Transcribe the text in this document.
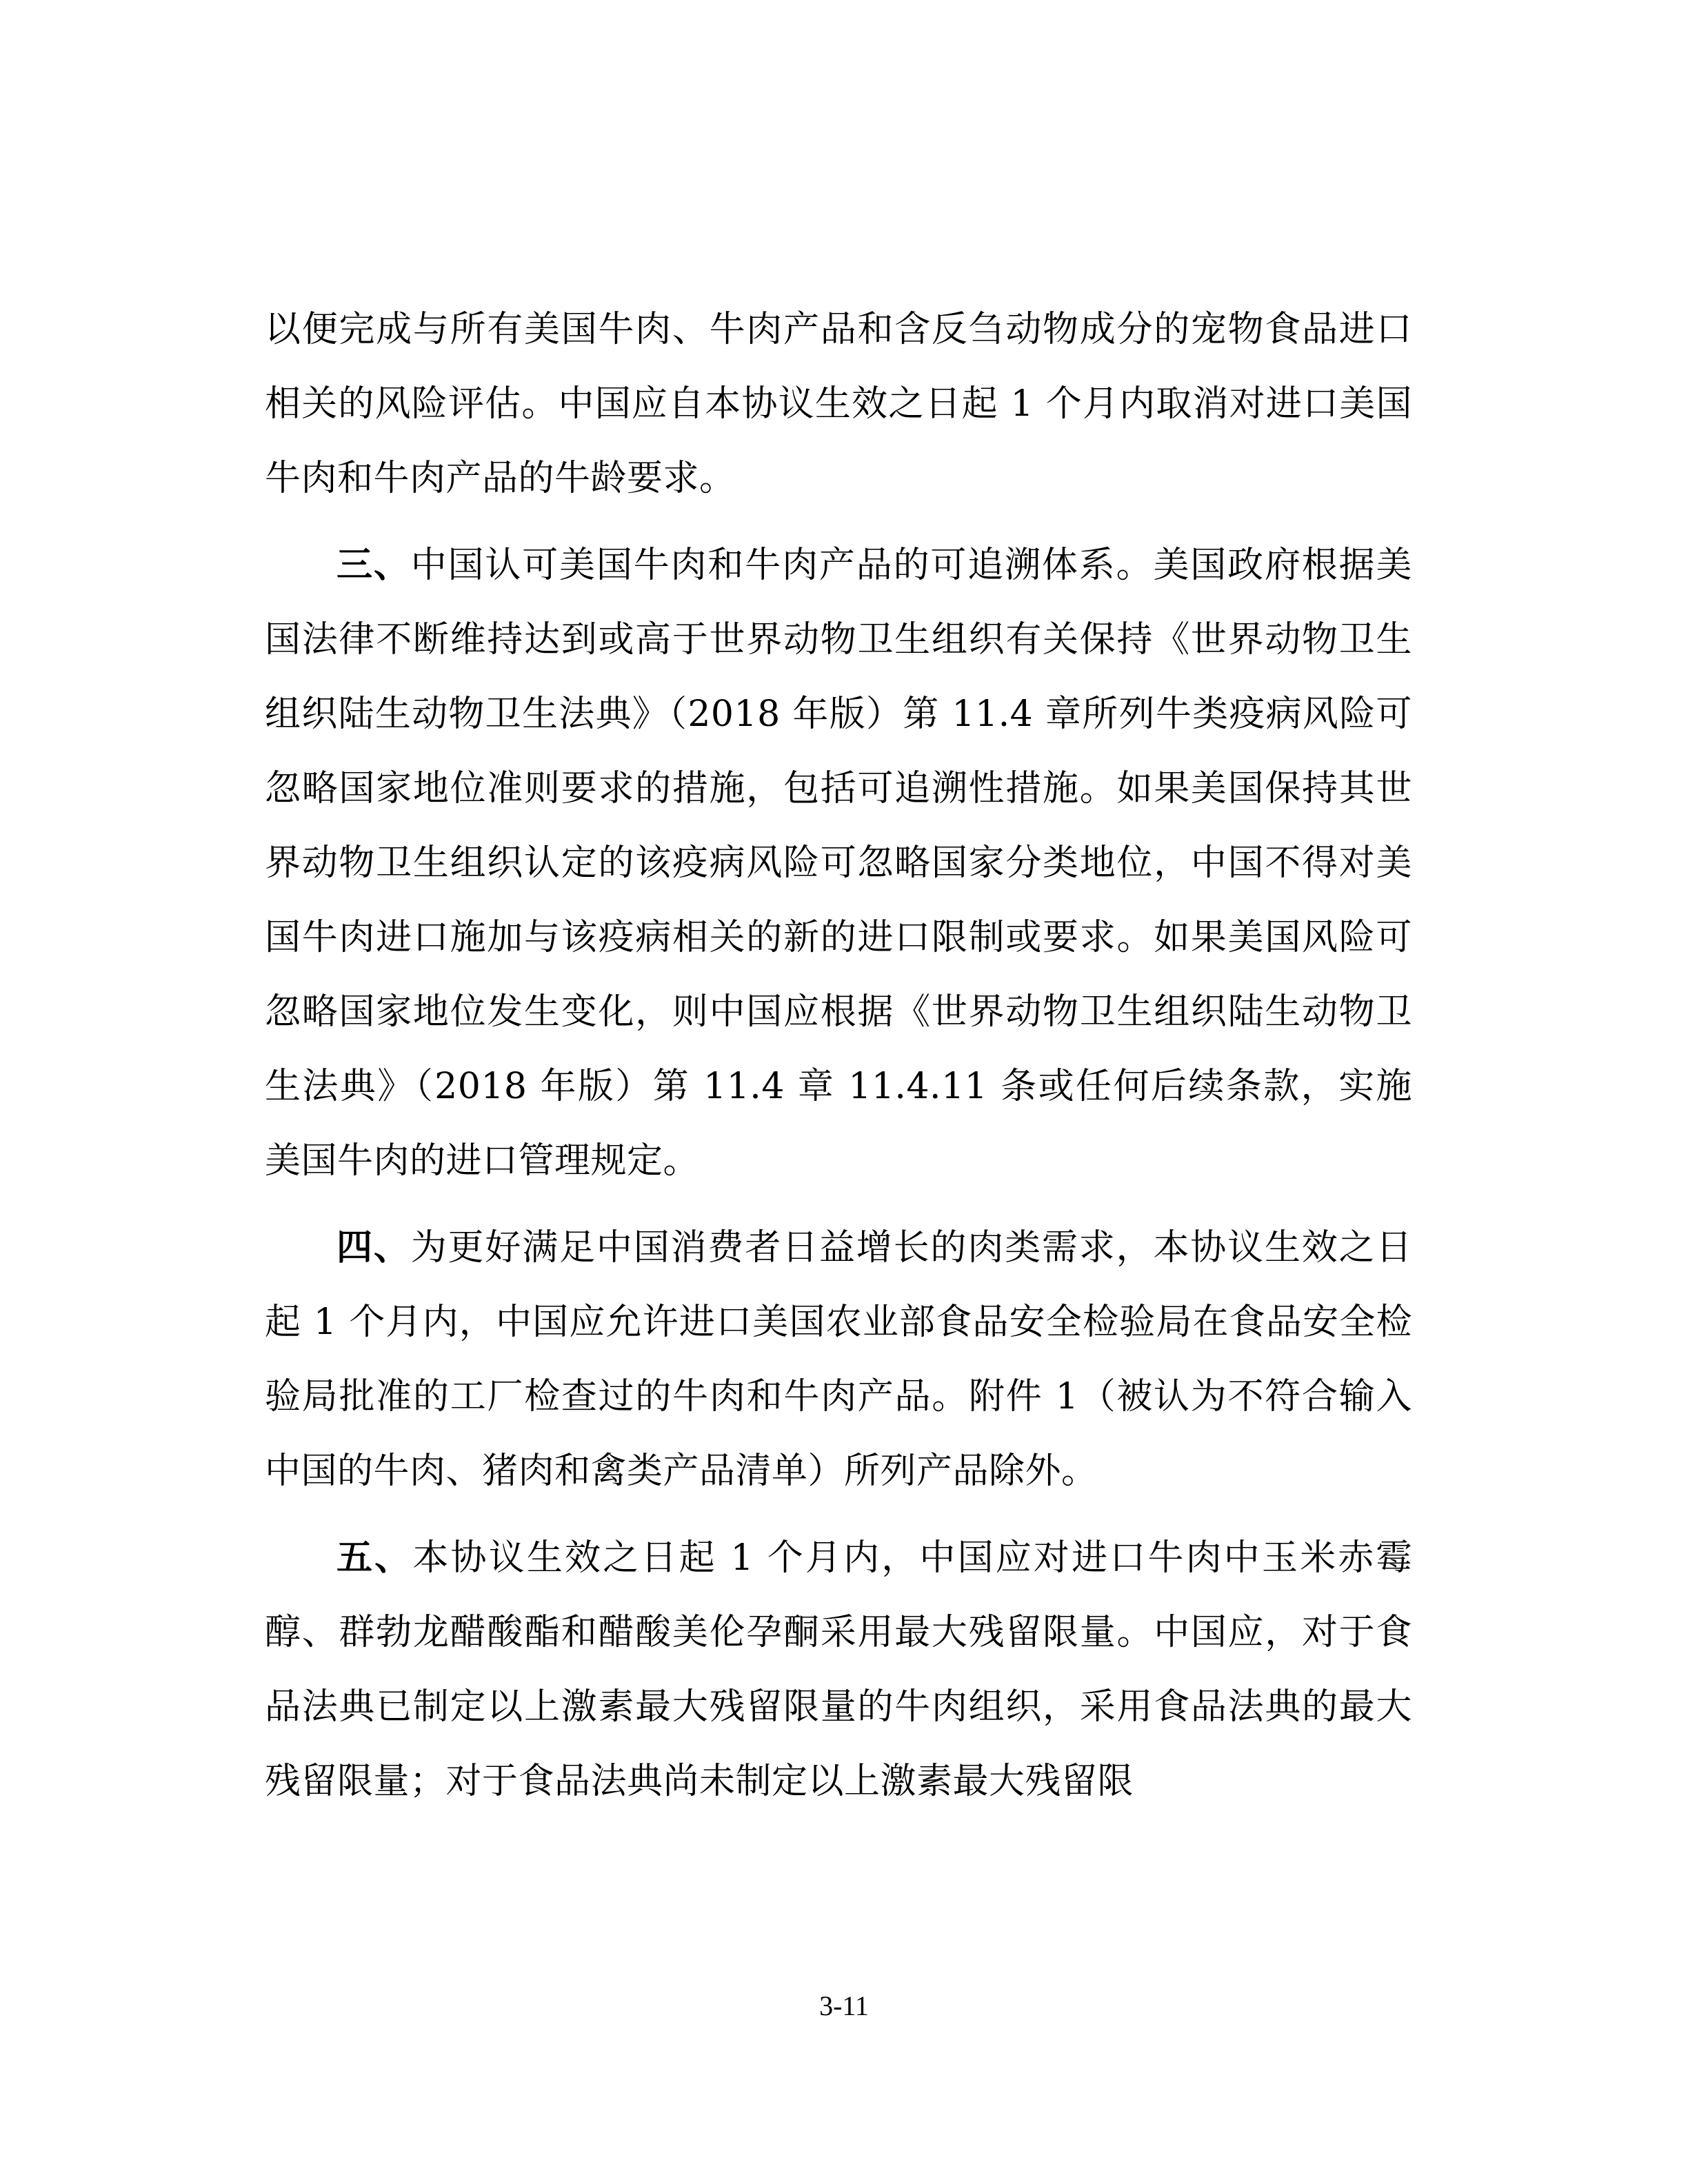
以便完成与所有美国牛肉、牛肉产品和含反刍动物成分的宠物食品进口相关的风险评估。中国应自本协议生效之日起 1 个月内取消对进口美国牛肉和牛肉产品的牛龄要求。

三、中国认可美国牛肉和牛肉产品的可追溯体系。美国政府根据美国法律不断维持达到或高于世界动物卫生组织有关保持《世界动物卫生组织陆生动物卫生法典》（2018 年版）第 11.4 章所列牛类疫病风险可忽略国家地位准则要求的措施，包括可追溯性措施。如果美国保持其世界动物卫生组织认定的该疫病风险可忽略国家分类地位，中国不得对美国牛肉进口施加与该疫病相关的新的进口限制或要求。如果美国风险可忽略国家地位发生变化，则中国应根据《世界动物卫生组织陆生动物卫生法典》（2018 年版）第 11.4 章 11.4.11 条或任何后续条款，实施美国牛肉的进口管理规定。

四、为更好满足中国消费者日益增长的肉类需求，本协议生效之日起 1 个月内，中国应允许进口美国农业部食品安全检验局在食品安全检验局批准的工厂检查过的牛肉和牛肉产品。附件 1（被认为不符合输入中国的牛肉、猪肉和禽类产品清单）所列产品除外。

五、本协议生效之日起 1 个月内，中国应对进口牛肉中玉米赤霉醇、群勃龙醋酸酯和醋酸美伦孕酮采用最大残留限量。中国应，对于食品法典已制定以上激素最大残留限量的牛肉组织，采用食品法典的最大残留限量；对于食品法典尚未制定以上激素最大残留限

3-11
